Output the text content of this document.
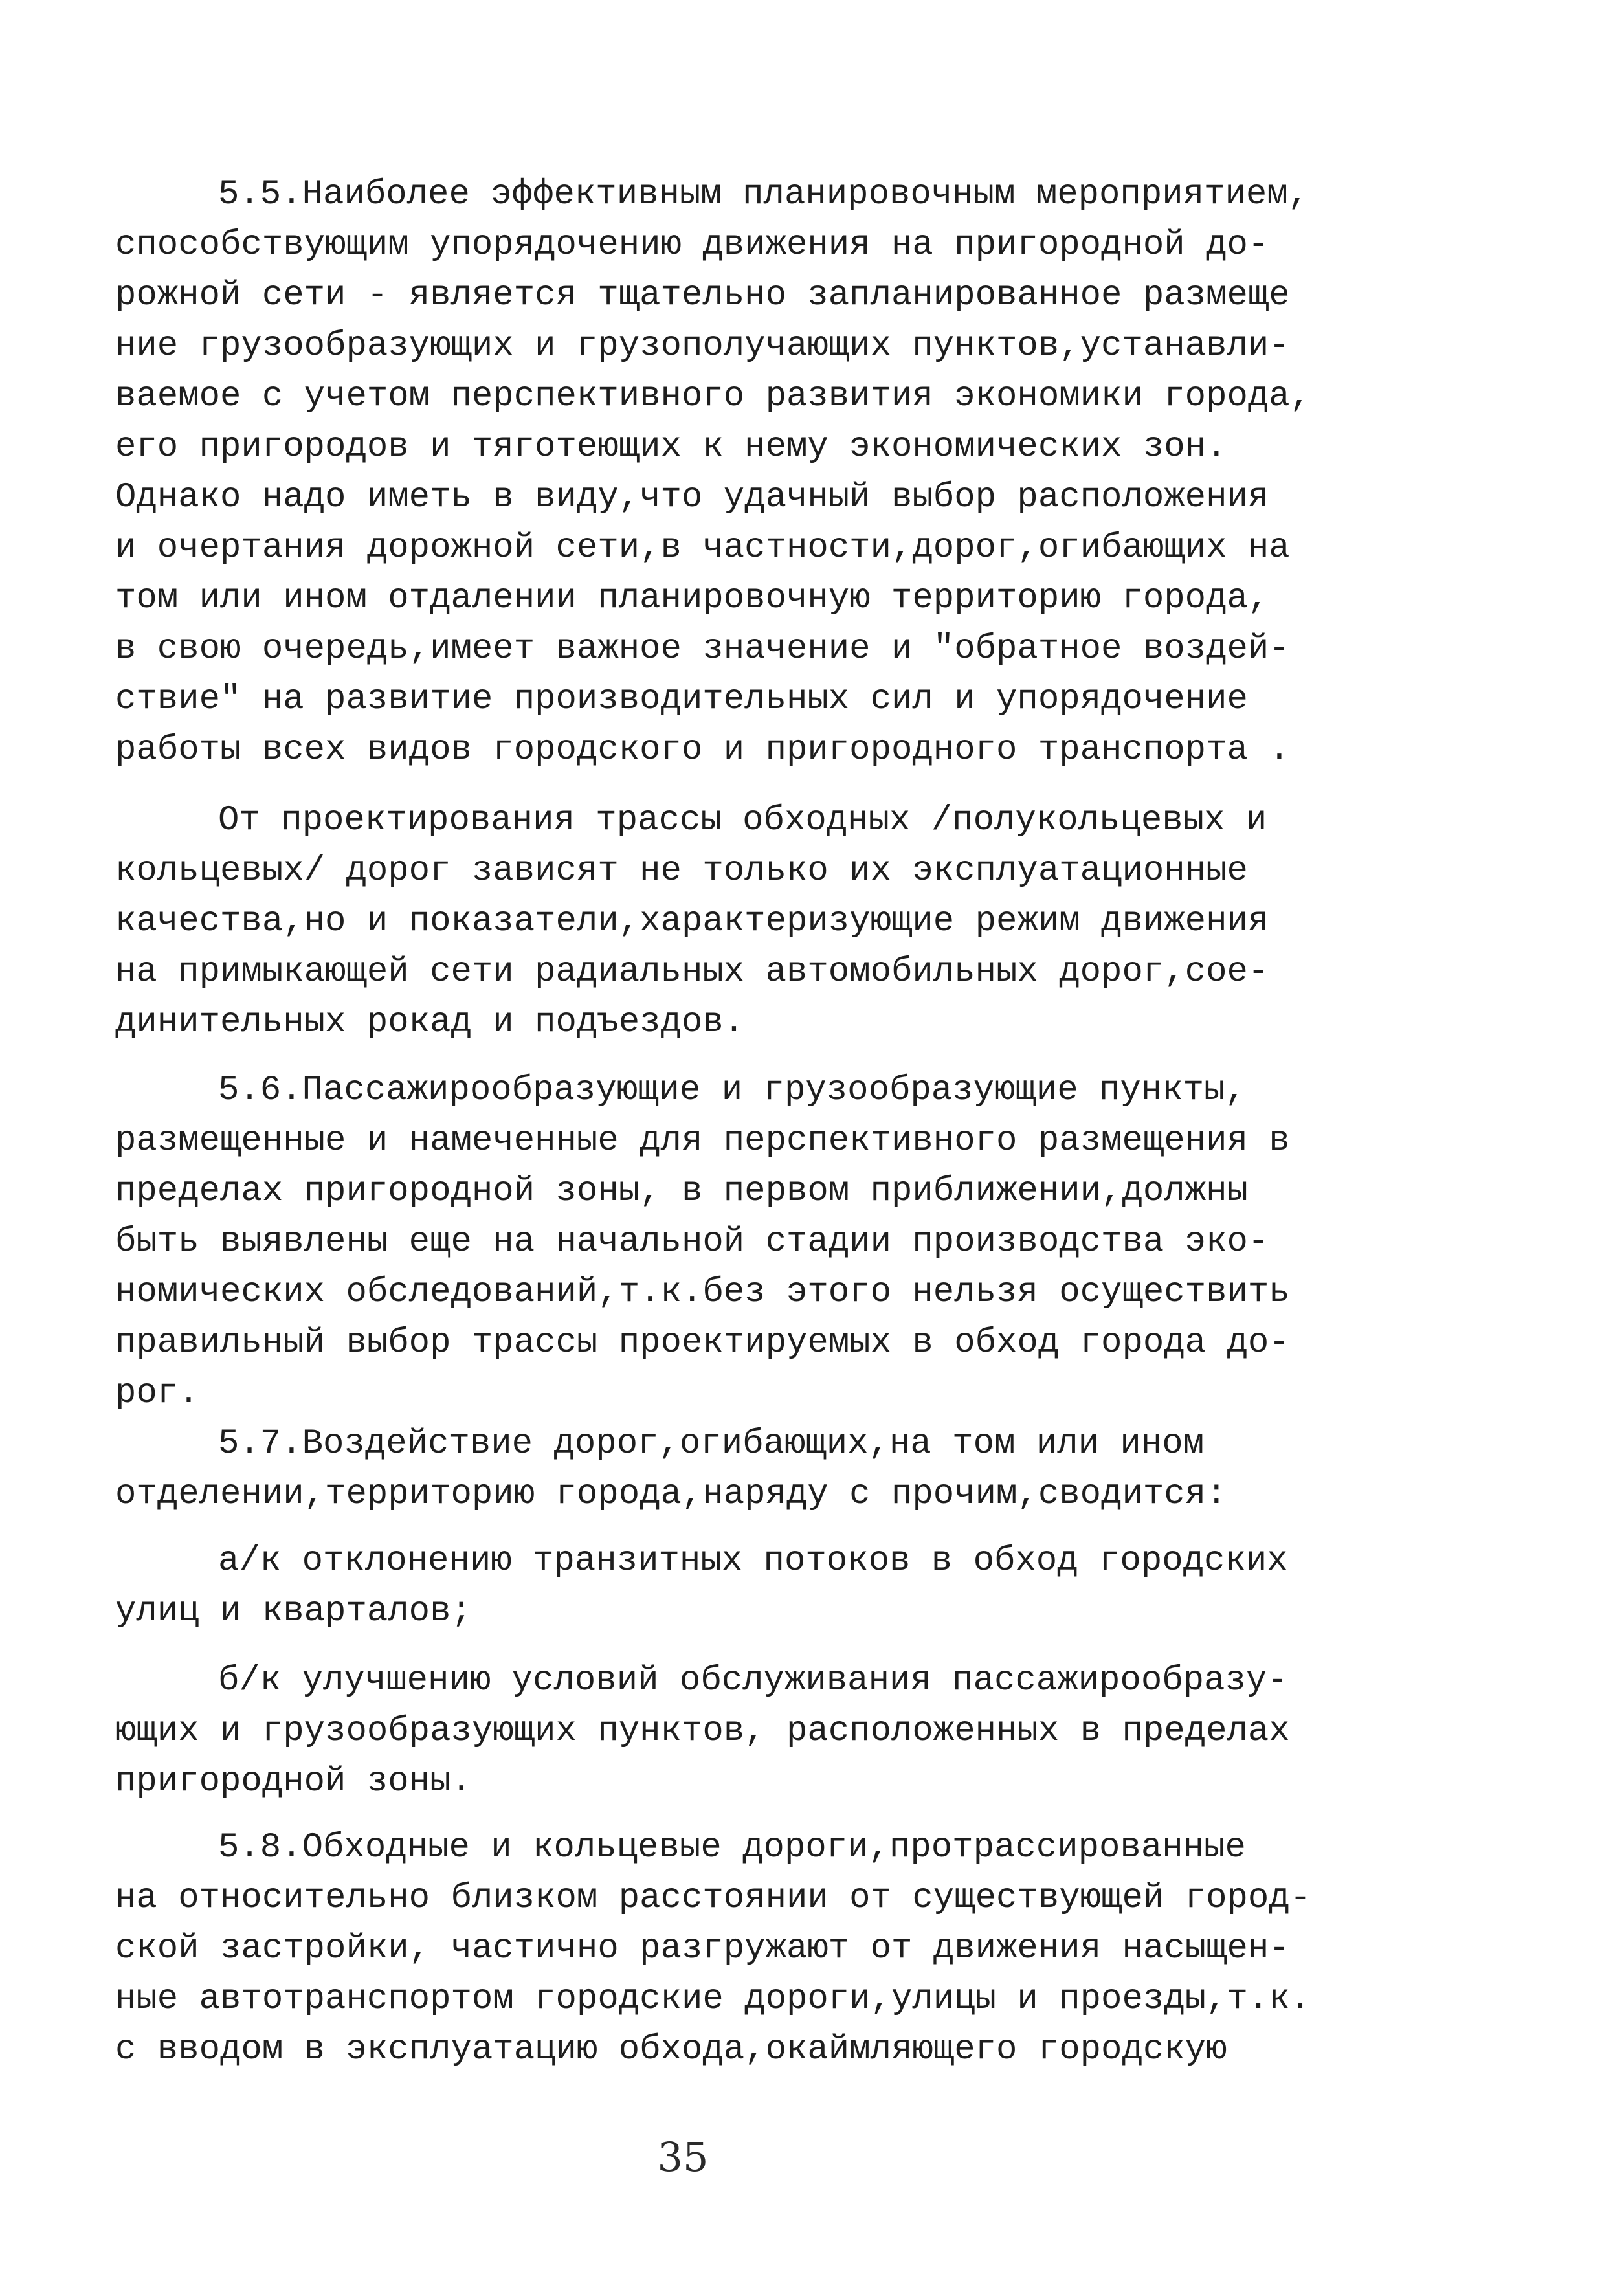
5.5.Наиболее эффективным планировочным мероприятием,
способствующим упорядочению движения на пригородной до-
рожной сети - является тщательно запланированное размеще
ние грузообразующих и грузополучающих пунктов,устанавли-
ваемое с учетом перспективного развития экономики города,
его пригородов и тяготеющих к нему экономических зон.
Однако надо иметь в виду,что удачный выбор расположения
и очертания дорожной сети,в частности,дорог,огибающих на
том или ином отдалении планировочную территорию города,
в свою очередь,имеет важное значение и "обратное воздей-
ствие" на развитие производительных сил и упорядочение
работы всех видов городского и пригородного транспорта .
От проектирования трассы обходных /полукольцевых и
кольцевых/ дорог зависят не только их эксплуатационные
качества,но и показатели,характеризующие режим движения
на примыкающей сети радиальных автомобильных дорог,сое-
динительных рокад и подъездов.
5.6.Пассажирообразующие и грузообразующие пункты,
размещенные и намеченные для перспективного размещения в
пределах пригородной зоны, в первом приближении,должны
быть выявлены еще на начальной стадии производства эко-
номических обследований,т.к.без этого нельзя осуществить
правильный выбор трассы проектируемых в обход города до-
рог.
5.7.Воздействие дорог,огибающих,на том или ином
отделении,территорию города,наряду с прочим,сводится:
а/к отклонению транзитных потоков в обход городских
улиц и кварталов;
б/к улучшению условий обслуживания пассажирообразу-
ющих и грузообразующих пунктов, расположенных в пределах
пригородной зоны.
5.8.Обходные и кольцевые дороги,протрассированные
на относительно близком расстоянии от существующей город-
ской застройки, частично разгружают от движения насыщен-
ные автотранспортом городские дороги,улицы и проезды,т.к.
с вводом в эксплуатацию обхода,окаймляющего городскую
35
